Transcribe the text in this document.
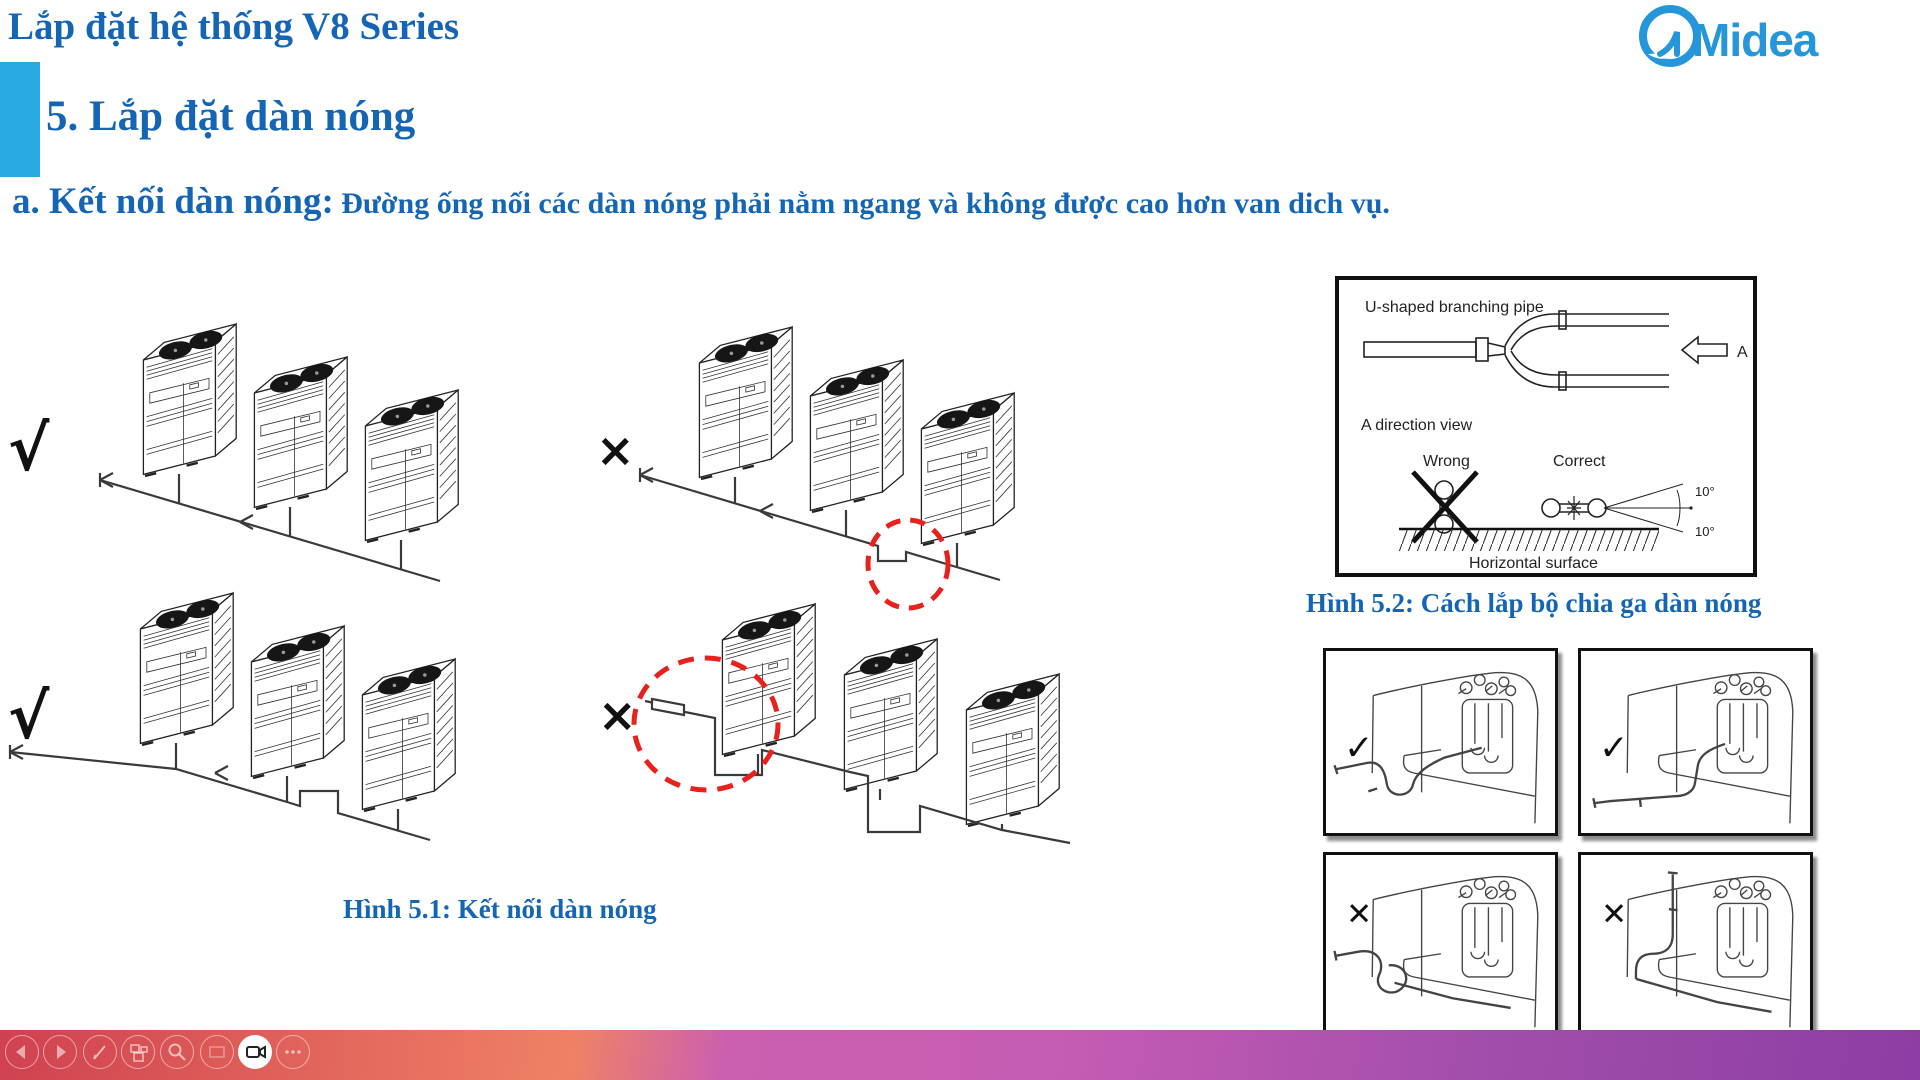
Lắp đặt hệ thống V8 Series
5. Lắp đặt dàn nóng
a. Kết nối dàn nóng: Đường ống nối các dàn nóng phải nằm ngang và không được cao hơn van dich vụ.
Midea
√	×
√	×
Hình 5.1: Kết nối dàn nóng
U-shaped branching pipe
A
A direction view
Wrong	Correct
10°
10°
Horizontal surface
Hình 5.2: Cách lắp bộ chia ga dàn nóng
✓	✓
✕	✕
